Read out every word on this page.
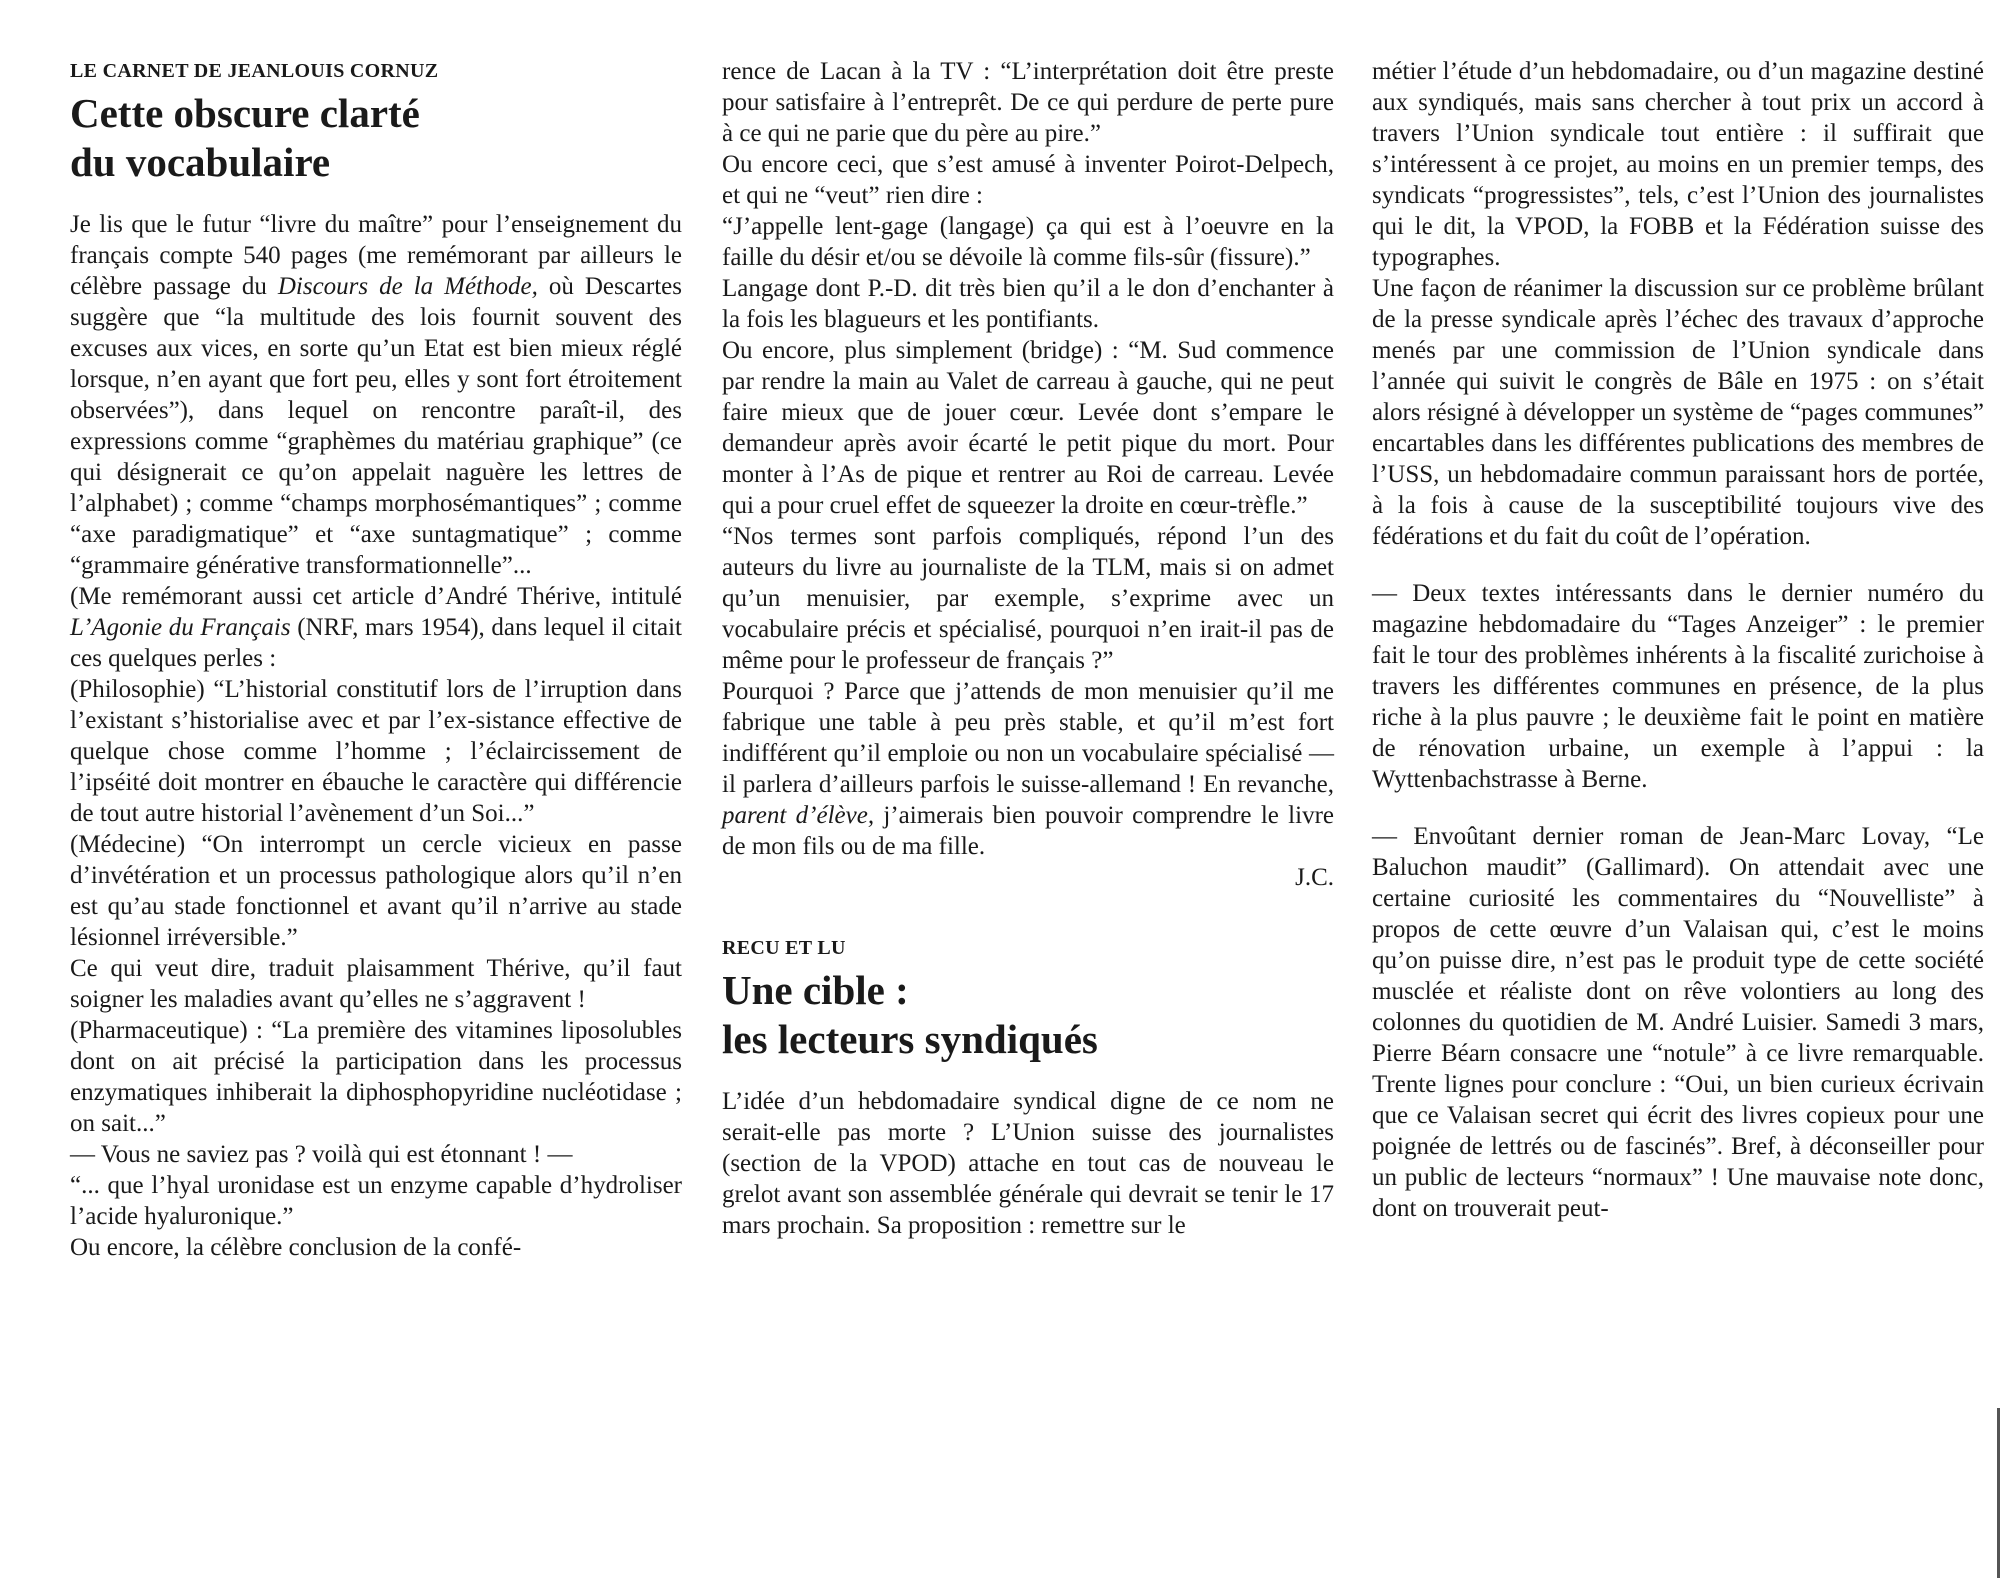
LE CARNET DE JEANLOUIS CORNUZ
Cette obscure clarté
du vocabulaire

Je lis que le futur “livre du maître” pour l’enseignement du français compte 540 pages (me remémorant par ailleurs le célèbre passage du Discours de la Méthode, où Descartes suggère que “la multitude des lois fournit souvent des excuses aux vices, en sorte qu’un Etat est bien mieux réglé lorsque, n’en ayant que fort peu, elles y sont fort étroitement observées”), dans lequel on rencontre paraît-il, des expressions comme “graphèmes du matériau graphique” (ce qui désignerait ce qu’on appelait naguère les lettres de l’alphabet) ; comme “champs morphosémantiques” ; comme “axe paradigmatique” et “axe suntagmatique” ; comme “grammaire générative transformationnelle”...

(Me remémorant aussi cet article d’André Thérive, intitulé L’Agonie du Français (NRF, mars 1954), dans lequel il citait ces quelques perles :

(Philosophie) “L’historial constitutif lors de l’irruption dans l’existant s’historialise avec et par l’ex-sistance effective de quelque chose comme l’homme ; l’éclaircissement de l’ipséité doit montrer en ébauche le caractère qui différencie de tout autre historial l’avènement d’un Soi...”

(Médecine) “On interrompt un cercle vicieux en passe d’invétération et un processus pathologique alors qu’il n’en est qu’au stade fonctionnel et avant qu’il n’arrive au stade lésionnel irréversible.”

Ce qui veut dire, traduit plaisamment Thérive, qu’il faut soigner les maladies avant qu’elles ne s’aggravent !

(Pharmaceutique) : “La première des vitamines liposolubles dont on ait précisé la participation dans les processus enzymatiques inhiberait la diphosphopyridine nucléotidase ; on sait...”

— Vous ne saviez pas ? voilà qui est étonnant ! —

“... que l’hyal uronidase est un enzyme capable d’hydroliser l’acide hyaluronique.”

Ou encore, la célèbre conclusion de la confé-

rence de Lacan à la TV : “L’interprétation doit être preste pour satisfaire à l’entreprêt. De ce qui perdure de perte pure à ce qui ne parie que du père au pire.”

Ou encore ceci, que s’est amusé à inventer Poirot-Delpech, et qui ne “veut” rien dire :

“J’appelle lent-gage (langage) ça qui est à l’oeuvre en la faille du désir et/ou se dévoile là comme fils-sûr (fissure).”

Langage dont P.-D. dit très bien qu’il a le don d’enchanter à la fois les blagueurs et les pontifiants.

Ou encore, plus simplement (bridge) : “M. Sud commence par rendre la main au Valet de carreau à gauche, qui ne peut faire mieux que de jouer cœur. Levée dont s’empare le demandeur après avoir écarté le petit pique du mort. Pour monter à l’As de pique et rentrer au Roi de carreau. Levée qui a pour cruel effet de squeezer la droite en cœur-trèfle.”

“Nos termes sont parfois compliqués, répond l’un des auteurs du livre au journaliste de la TLM, mais si on admet qu’un menuisier, par exemple, s’exprime avec un vocabulaire précis et spécialisé, pourquoi n’en irait-il pas de même pour le professeur de français ?”

Pourquoi ? Parce que j’attends de mon menuisier qu’il me fabrique une table à peu près stable, et qu’il m’est fort indifférent qu’il emploie ou non un vocabulaire spécialisé — il parlera d’ailleurs parfois le suisse-allemand ! En revanche, parent d’élève, j’aimerais bien pouvoir comprendre le livre de mon fils ou de ma fille.

J.C.

RECU ET LU
Une cible :
les lecteurs syndiqués

L’idée d’un hebdomadaire syndical digne de ce nom ne serait-elle pas morte ? L’Union suisse des journalistes (section de la VPOD) attache en tout cas de nouveau le grelot avant son assemblée générale qui devrait se tenir le 17 mars prochain. Sa proposition : remettre sur le

métier l’étude d’un hebdomadaire, ou d’un magazine destiné aux syndiqués, mais sans chercher à tout prix un accord à travers l’Union syndicale tout entière : il suffirait que s’intéressent à ce projet, au moins en un premier temps, des syndicats “progressistes”, tels, c’est l’Union des journalistes qui le dit, la VPOD, la FOBB et la Fédération suisse des typographes.

Une façon de réanimer la discussion sur ce problème brûlant de la presse syndicale après l’échec des travaux d’approche menés par une commission de l’Union syndicale dans l’année qui suivit le congrès de Bâle en 1975 : on s’était alors résigné à développer un système de “pages communes” encartables dans les différentes publications des membres de l’USS, un hebdomadaire commun paraissant hors de portée, à la fois à cause de la susceptibilité toujours vive des fédérations et du fait du coût de l’opération.

— Deux textes intéressants dans le dernier numéro du magazine hebdomadaire du “Tages Anzeiger” : le premier fait le tour des problèmes inhérents à la fiscalité zurichoise à travers les différentes communes en présence, de la plus riche à la plus pauvre ; le deuxième fait le point en matière de rénovation urbaine, un exemple à l’appui : la Wyttenbachstrasse à Berne.

— Envoûtant dernier roman de Jean-Marc Lovay, “Le Baluchon maudit” (Gallimard). On attendait avec une certaine curiosité les commentaires du “Nouvelliste” à propos de cette œuvre d’un Valaisan qui, c’est le moins qu’on puisse dire, n’est pas le produit type de cette société musclée et réaliste dont on rêve volontiers au long des colonnes du quotidien de M. André Luisier. Samedi 3 mars, Pierre Béarn consacre une “notule” à ce livre remarquable. Trente lignes pour conclure : “Oui, un bien curieux écrivain que ce Valaisan secret qui écrit des livres copieux pour une poignée de lettrés ou de fascinés”. Bref, à déconseiller pour un public de lecteurs “normaux” ! Une mauvaise note donc, dont on trouverait peut-
